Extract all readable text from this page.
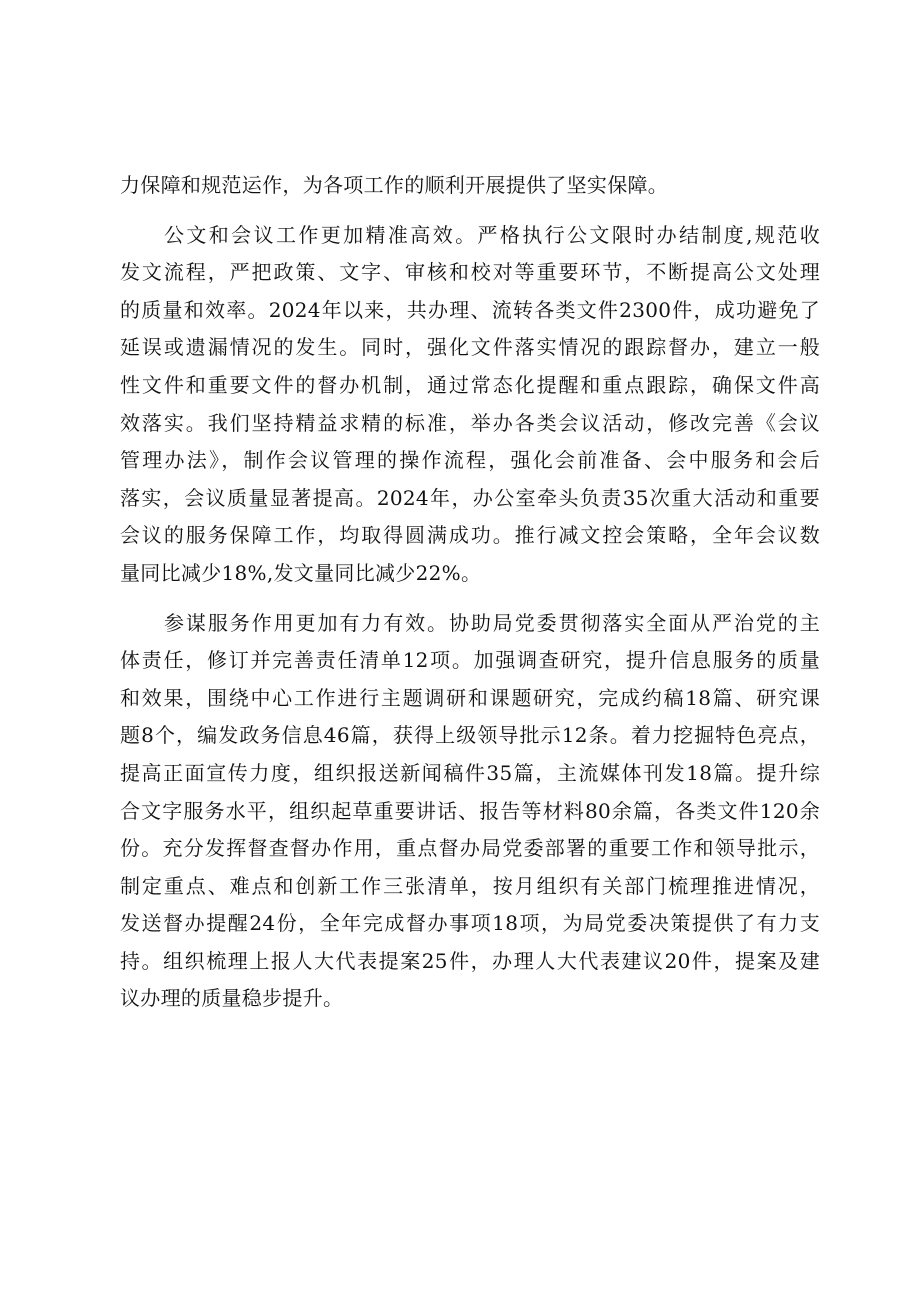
力保障和规范运作，为各项工作的顺利开展提供了坚实保障。
公文和会议工作更加精准高效。严格执行公文限时办结制度,规范收
发文流程，严把政策、文字、审核和校对等重要环节，不断提高公文处理
的质量和效率。2024年以来，共办理、流转各类文件2300件，成功避免了
延误或遗漏情况的发生。同时，强化文件落实情况的跟踪督办，建立一般
性文件和重要文件的督办机制，通过常态化提醒和重点跟踪，确保文件高
效落实。我们坚持精益求精的标准，举办各类会议活动，修改完善《会议
管理办法》，制作会议管理的操作流程，强化会前准备、会中服务和会后
落实，会议质量显著提高。2024年，办公室牵头负责35次重大活动和重要
会议的服务保障工作，均取得圆满成功。推行减文控会策略，全年会议数
量同比减少18%,发文量同比减少22%。
参谋服务作用更加有力有效。协助局党委贯彻落实全面从严治党的主
体责任，修订并完善责任清单12项。加强调查研究，提升信息服务的质量
和效果，围绕中心工作进行主题调研和课题研究，完成约稿18篇、研究课
题8个，编发政务信息46篇，获得上级领导批示12条。着力挖掘特色亮点，
提高正面宣传力度，组织报送新闻稿件35篇，主流媒体刊发18篇。提升综
合文字服务水平，组织起草重要讲话、报告等材料80余篇，各类文件120余
份。充分发挥督查督办作用，重点督办局党委部署的重要工作和领导批示，
制定重点、难点和创新工作三张清单，按月组织有关部门梳理推进情况，
发送督办提醒24份，全年完成督办事项18项，为局党委决策提供了有力支
持。组织梳理上报人大代表提案25件，办理人大代表建议20件，提案及建
议办理的质量稳步提升。
